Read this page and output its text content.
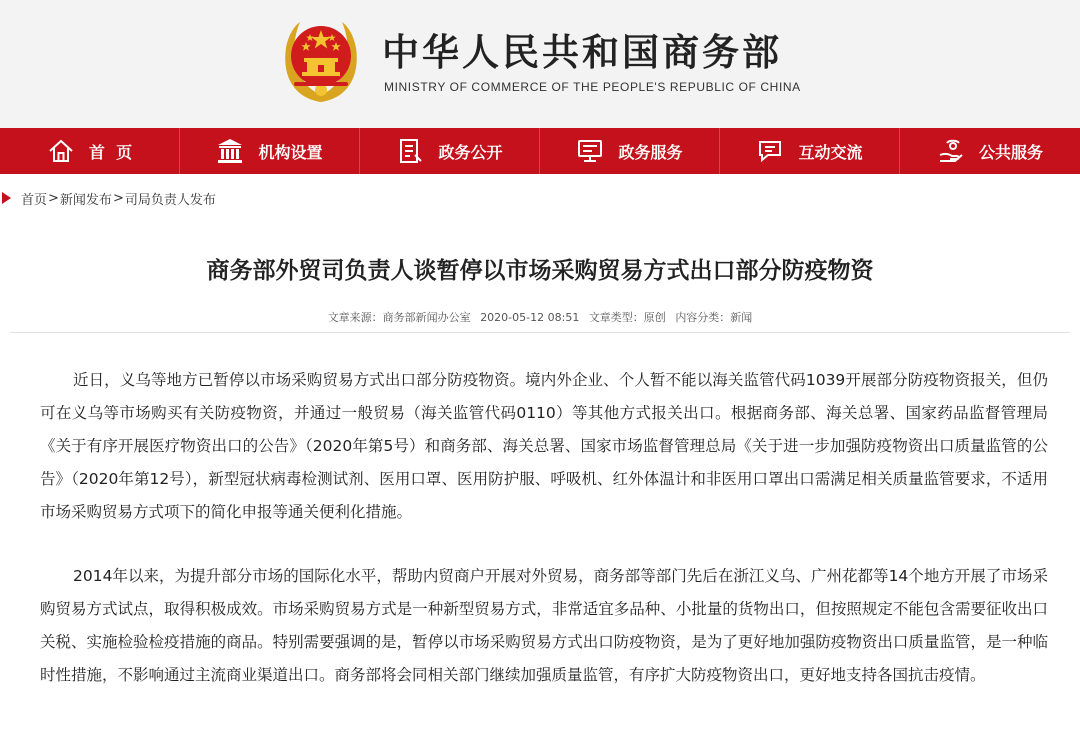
中华人民共和国商务部
MINISTRY OF COMMERCE OF THE PEOPLE'S REPUBLIC OF CHINA
首  页	机构设置	政务公开	政务服务	互动交流	公共服务
首页 > 新闻发布 > 司局负责人发布
商务部外贸司负责人谈暂停以市场采购贸易方式出口部分防疫物资
文章来源：商务部新闻办公室 2020-05-12 08:51 文章类型：原创 内容分类：新闻

近日，义乌等地方已暂停以市场采购贸易方式出口部分防疫物资。境内外企业、个人暂不能以海关监管代码1039开展部分防疫物资报关，但仍可在义乌等市场购买有关防疫物资，并通过一般贸易（海关监管代码0110）等其他方式报关出口。根据商务部、海关总署、国家药品监督管理局《关于有序开展医疗物资出口的公告》（2020年第5号）和商务部、海关总署、国家市场监督管理总局《关于进一步加强防疫物资出口质量监管的公告》（2020年第12号），新型冠状病毒检测试剂、医用口罩、医用防护服、呼吸机、红外体温计和非医用口罩出口需满足相关质量监管要求，不适用市场采购贸易方式项下的简化申报等通关便利化措施。

2014年以来，为提升部分市场的国际化水平，帮助内贸商户开展对外贸易，商务部等部门先后在浙江义乌、广州花都等14个地方开展了市场采购贸易方式试点，取得积极成效。市场采购贸易方式是一种新型贸易方式，非常适宜多品种、小批量的货物出口，但按照规定不能包含需要征收出口关税、实施检验检疫措施的商品。特别需要强调的是，暂停以市场采购贸易方式出口防疫物资，是为了更好地加强防疫物资出口质量监管，是一种临时性措施，不影响通过主流商业渠道出口。商务部将会同相关部门继续加强质量监管，有序扩大防疫物资出口，更好地支持各国抗击疫情。
